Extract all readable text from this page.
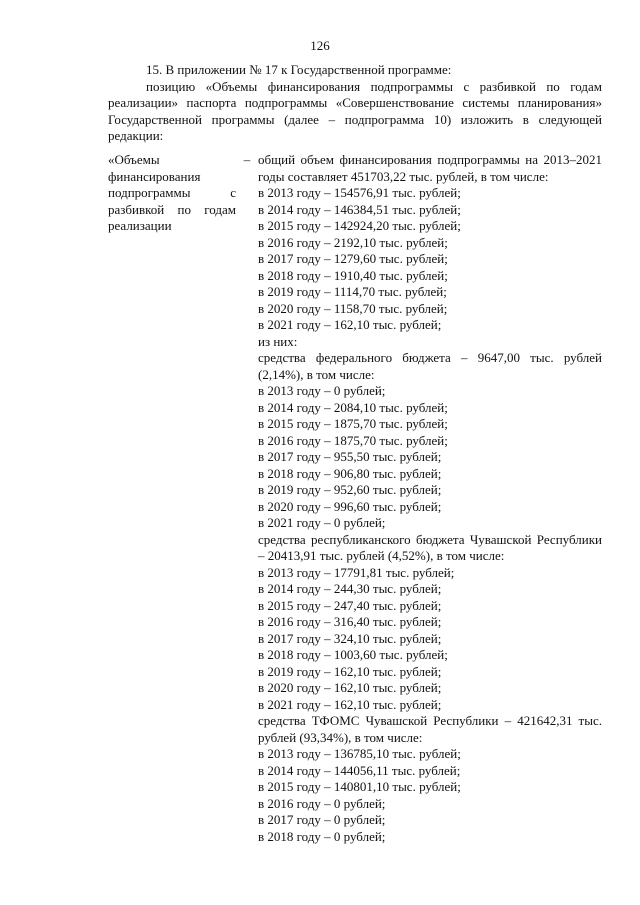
126

15. В приложении № 17 к Государственной программе:

позицию «Объемы финансирования подпрограммы с разбивкой по годам реализации» паспорта подпрограммы «Совершенствование системы планирования» Государственной программы (далее – подпрограмма 10) изложить в следующей редакции:

«Объемы финансирования подпрограммы с разбивкой по годам реализации
– общий объем финансирования подпрограммы на 2013–2021 годы составляет 451703,22 тыс. рублей, в том числе:
в 2013 году – 154576,91 тыс. рублей;
в 2014 году – 146384,51 тыс. рублей;
в 2015 году – 142924,20 тыс. рублей;
в 2016 году – 2192,10 тыс. рублей;
в 2017 году – 1279,60 тыс. рублей;
в 2018 году – 1910,40 тыс. рублей;
в 2019 году – 1114,70 тыс. рублей;
в 2020 году – 1158,70 тыс. рублей;
в 2021 году – 162,10 тыс. рублей;
из них:
средства федерального бюджета – 9647,00 тыс. рублей (2,14%), в том числе:
в 2013 году – 0 рублей;
в 2014 году – 2084,10 тыс. рублей;
в 2015 году – 1875,70 тыс. рублей;
в 2016 году – 1875,70 тыс. рублей;
в 2017 году – 955,50 тыс. рублей;
в 2018 году – 906,80 тыс. рублей;
в 2019 году – 952,60 тыс. рублей;
в 2020 году – 996,60 тыс. рублей;
в 2021 году – 0 рублей;
средства республиканского бюджета Чувашской Республики – 20413,91 тыс. рублей (4,52%), в том числе:
в 2013 году – 17791,81 тыс. рублей;
в 2014 году – 244,30 тыс. рублей;
в 2015 году – 247,40 тыс. рублей;
в 2016 году – 316,40 тыс. рублей;
в 2017 году – 324,10 тыс. рублей;
в 2018 году – 1003,60 тыс. рублей;
в 2019 году – 162,10 тыс. рублей;
в 2020 году – 162,10 тыс. рублей;
в 2021 году – 162,10 тыс. рублей;
средства ТФОМС Чувашской Республики – 421642,31 тыс. рублей (93,34%), в том числе:
в 2013 году – 136785,10 тыс. рублей;
в 2014 году – 144056,11 тыс. рублей;
в 2015 году – 140801,10 тыс. рублей;
в 2016 году – 0 рублей;
в 2017 году – 0 рублей;
в 2018 году – 0 рублей;
